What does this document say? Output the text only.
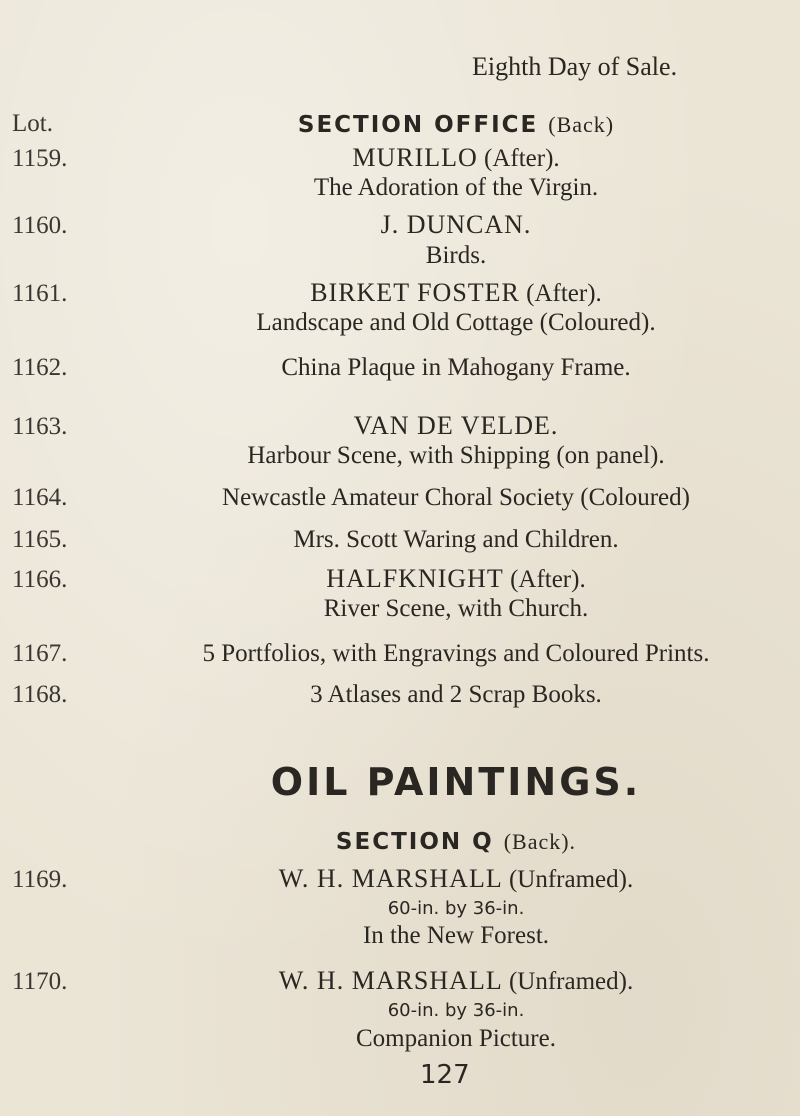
Eighth Day of Sale.
Lot.	SECTION OFFICE (Back)
1159.	MURILLO (After).
The Adoration of the Virgin.
1160.	J. DUNCAN.
Birds.
1161.	BIRKET FOSTER (After).
Landscape and Old Cottage (Coloured).
1162.	China Plaque in Mahogany Frame.
1163.	VAN DE VELDE.
Harbour Scene, with Shipping (on panel).
1164.	Newcastle Amateur Choral Society (Coloured)
1165.	Mrs. Scott Waring and Children.
1166.	HALFKNIGHT (After).
River Scene, with Church.
1167.	5 Portfolios, with Engravings and Coloured Prints.
1168.	3 Atlases and 2 Scrap Books.
OIL PAINTINGS.
SECTION Q (Back).
1169.	W. H. MARSHALL (Unframed).
60-in. by 36-in.
In the New Forest.
1170.	W. H. MARSHALL (Unframed).
60-in. by 36-in.
Companion Picture.
127
